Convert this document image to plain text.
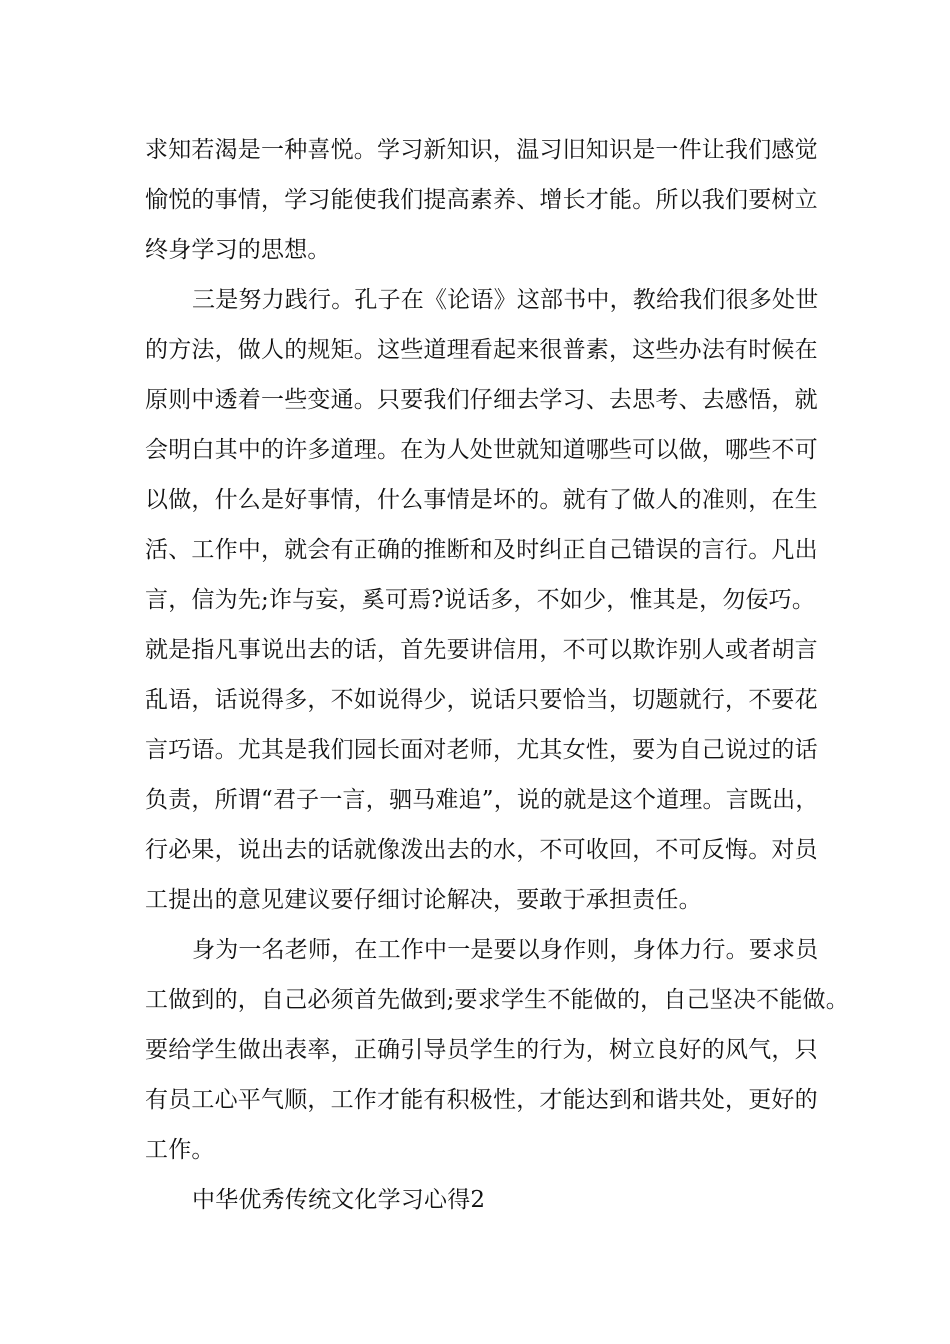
求知若渴是一种喜悦。学习新知识，温习旧知识是一件让我们感觉
愉悦的事情，学习能使我们提高素养、增长才能。所以我们要树立
终身学习的思想。
三是努力践行。孔子在《论语》这部书中，教给我们很多处世
的方法，做人的规矩。这些道理看起来很普素，这些办法有时候在
原则中透着一些变通。只要我们仔细去学习、去思考、去感悟，就
会明白其中的许多道理。在为人处世就知道哪些可以做，哪些不可
以做，什么是好事情，什么事情是坏的。就有了做人的准则，在生
活、工作中，就会有正确的推断和及时纠正自己错误的言行。凡出
言，信为先;诈与妄，奚可焉?说话多，不如少，惟其是，勿佞巧。
就是指凡事说出去的话，首先要讲信用，不可以欺诈别人或者胡言
乱语，话说得多，不如说得少，说话只要恰当，切题就行，不要花
言巧语。尤其是我们园长面对老师，尤其女性，要为自己说过的话
负责，所谓“君子一言，驷马难追”，说的就是这个道理。言既出，
行必果，说出去的话就像泼出去的水，不可收回，不可反悔。对员
工提出的意见建议要仔细讨论解决，要敢于承担责任。
身为一名老师，在工作中一是要以身作则，身体力行。要求员
工做到的，自己必须首先做到;要求学生不能做的，自己坚决不能做。
要给学生做出表率，正确引导员学生的行为，树立良好的风气，只
有员工心平气顺，工作才能有积极性，才能达到和谐共处，更好的
工作。
中华优秀传统文化学习心得2
